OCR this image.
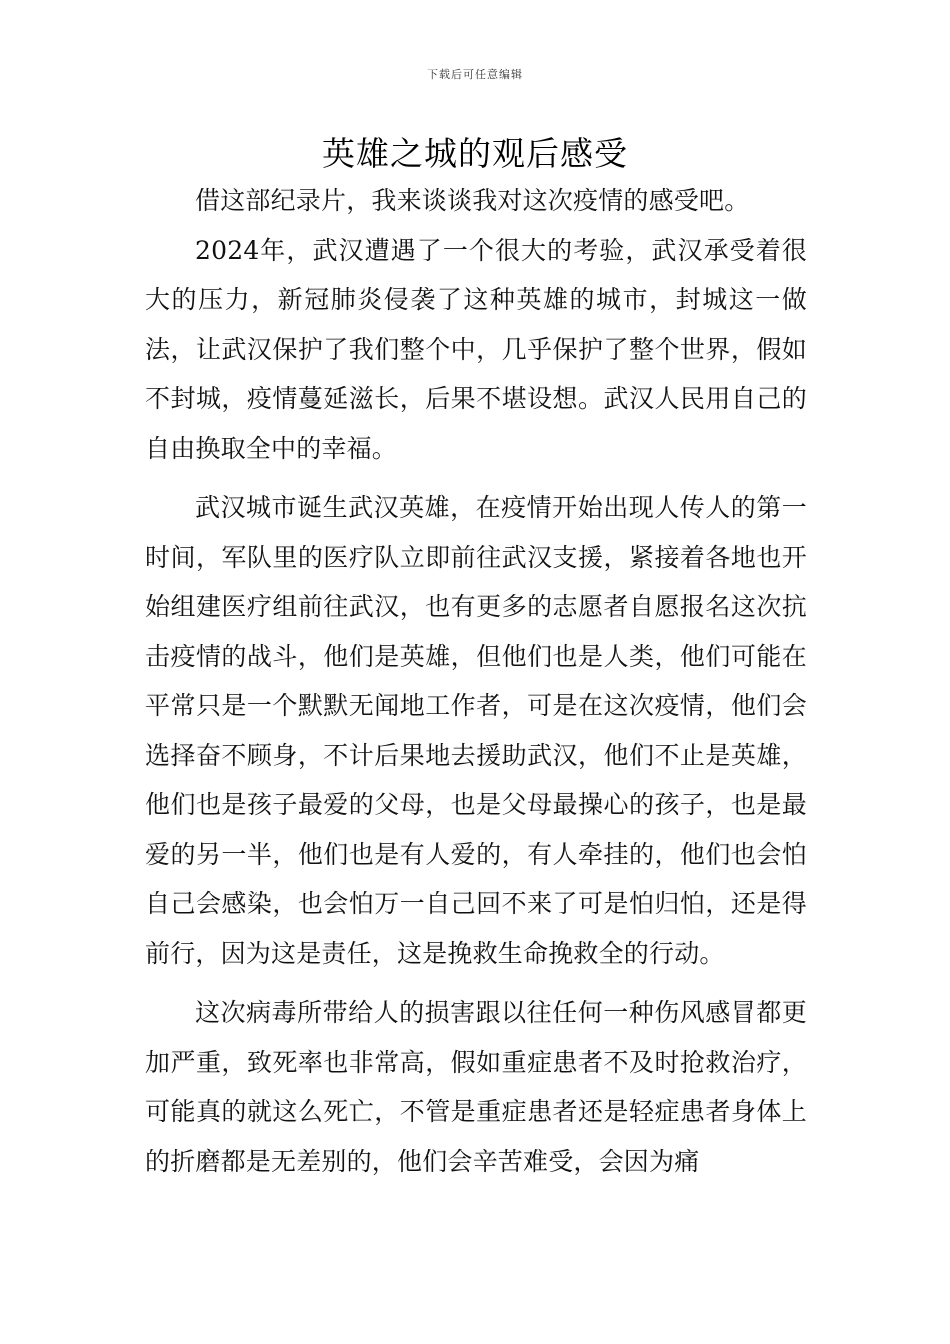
下载后可任意编辑
英雄之城的观后感受

借这部纪录片，我来谈谈我对这次疫情的感受吧。

2024年，武汉遭遇了一个很大的考验，武汉承受着很大的压力，新冠肺炎侵袭了这种英雄的城市，封城这一做法，让武汉保护了我们整个中，几乎保护了整个世界，假如不封城，疫情蔓延滋长，后果不堪设想。武汉人民用自己的自由换取全中的幸福。

武汉城市诞生武汉英雄，在疫情开始出现人传人的第一时间，军队里的医疗队立即前往武汉支援，紧接着各地也开始组建医疗组前往武汉，也有更多的志愿者自愿报名这次抗击疫情的战斗，他们是英雄，但他们也是人类，他们可能在平常只是一个默默无闻地工作者，可是在这次疫情，他们会选择奋不顾身，不计后果地去援助武汉，他们不止是英雄，他们也是孩子最爱的父母，也是父母最操心的孩子，也是最爱的另一半，他们也是有人爱的，有人牵挂的，他们也会怕自己会感染，也会怕万一自己回不来了可是怕归怕，还是得前行，因为这是责任，这是挽救生命挽救全的行动。

这次病毒所带给人的损害跟以往任何一种伤风感冒都更加严重，致死率也非常高，假如重症患者不及时抢救治疗，可能真的就这么死亡，不管是重症患者还是轻症患者身体上的折磨都是无差别的，他们会辛苦难受，会因为痛
